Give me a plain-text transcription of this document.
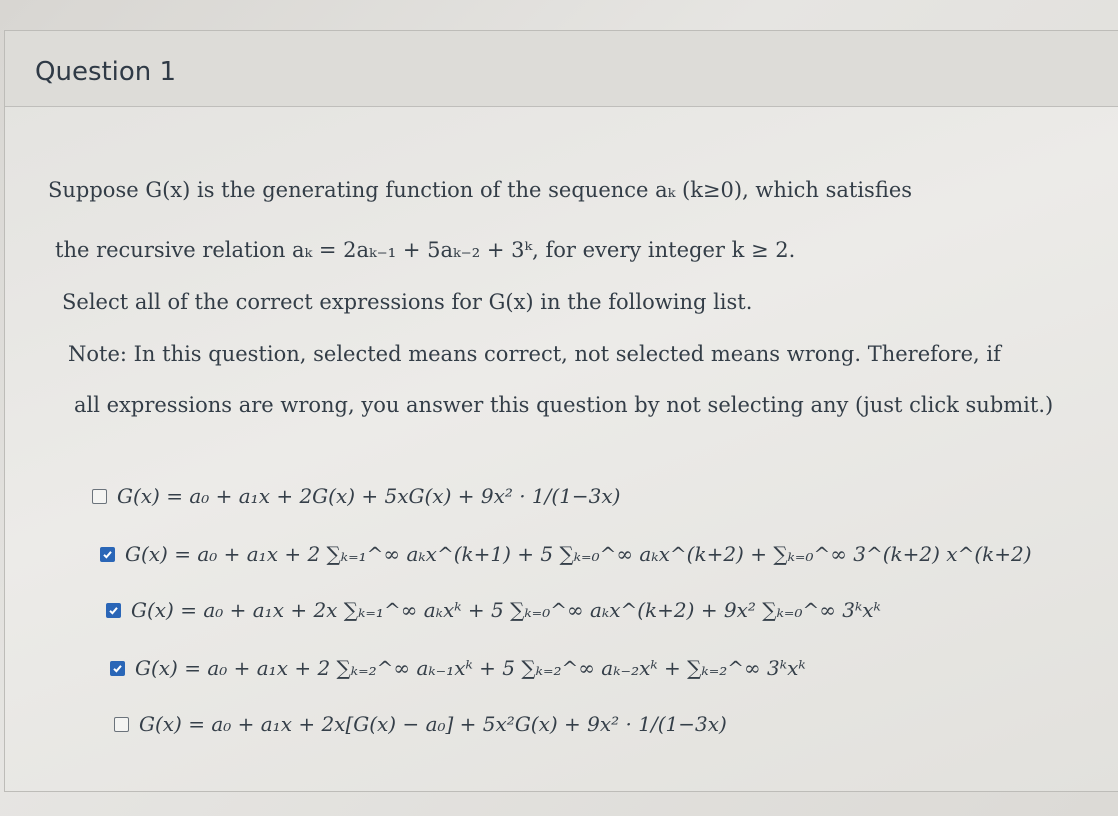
Question 1
Suppose G(x) is the generating function of the sequence aₖ (k≥0), which satisfies
the recursive relation aₖ = 2aₖ₋₁ + 5aₖ₋₂ + 3ᵏ, for every integer k ≥ 2.
Select all of the correct expressions for G(x) in the following list.
Note: In this question, selected means correct, not selected means wrong. Therefore, if
all expressions are wrong, you answer this question by not selecting any (just click submit.)
G(x) = a₀ + a₁x + 2G(x) + 5xG(x) + 9x² · 1/(1−3x)
G(x) = a₀ + a₁x + 2 ∑ₖ₌₁^∞ aₖx^(k+1) + 5 ∑ₖ₌₀^∞ aₖx^(k+2) + ∑ₖ₌₀^∞ 3^(k+2) x^(k+2)
G(x) = a₀ + a₁x + 2x ∑ₖ₌₁^∞ aₖxᵏ + 5 ∑ₖ₌₀^∞ aₖx^(k+2) + 9x² ∑ₖ₌₀^∞ 3ᵏxᵏ
G(x) = a₀ + a₁x + 2 ∑ₖ₌₂^∞ aₖ₋₁xᵏ + 5 ∑ₖ₌₂^∞ aₖ₋₂xᵏ + ∑ₖ₌₂^∞ 3ᵏxᵏ
G(x) = a₀ + a₁x + 2x[G(x) − a₀] + 5x²G(x) + 9x² · 1/(1−3x)
